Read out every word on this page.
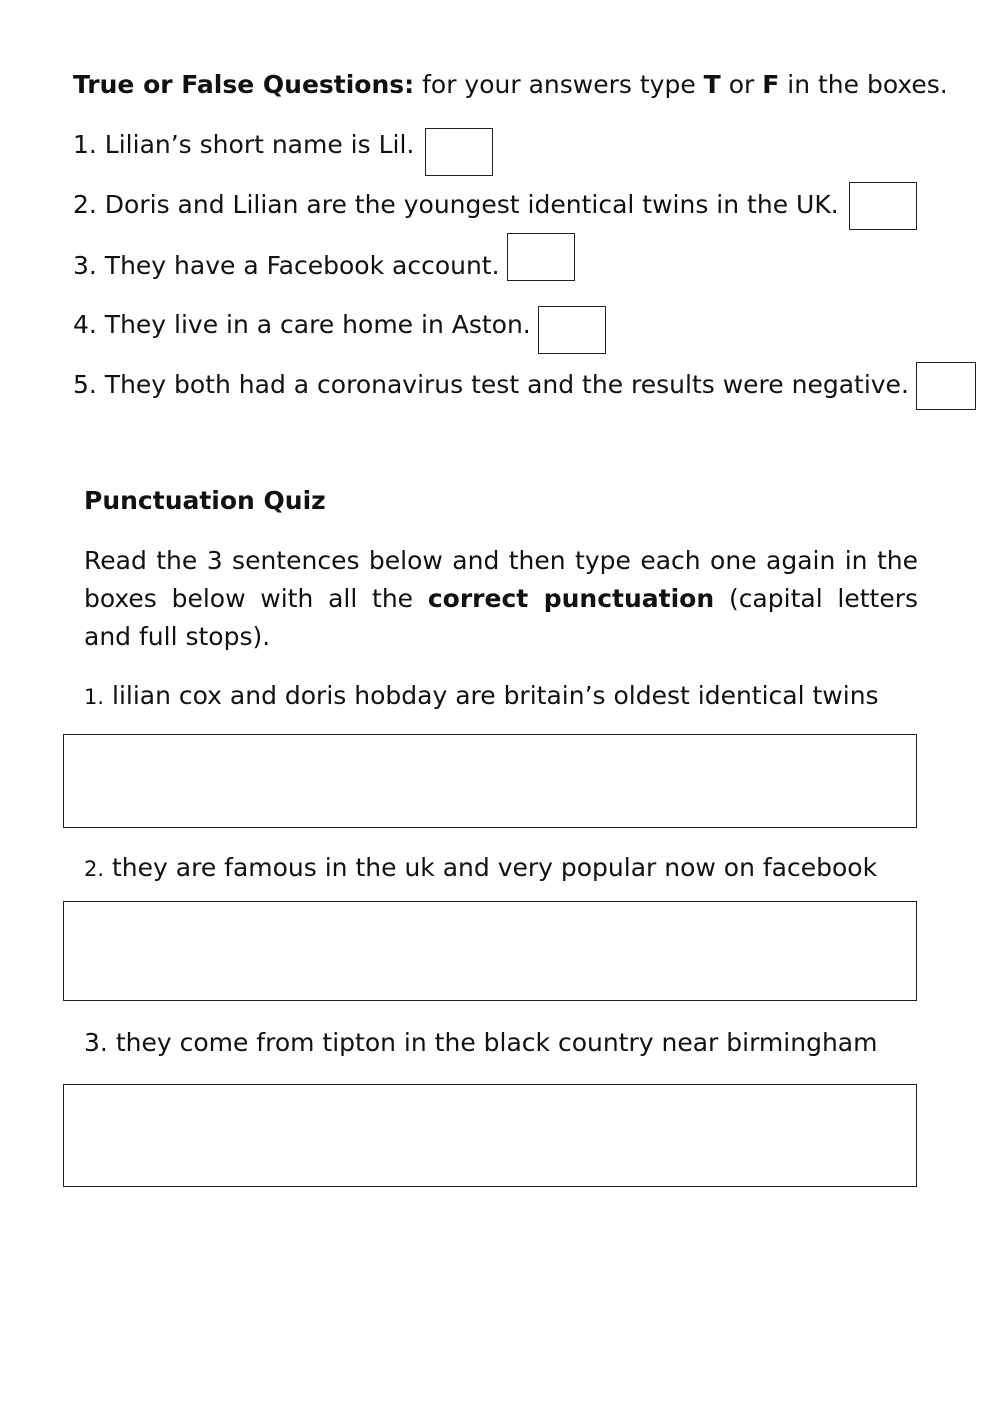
True or False Questions: for your answers type T or F in the boxes.
1. Lilian’s short name is Lil.
2. Doris and Lilian are the youngest identical twins in the UK.
3. They have a Facebook account.
4. They live in a care home in Aston.
5. They both had a coronavirus test and the results were negative.
Punctuation Quiz
Read the 3 sentences below and then type each one again in the boxes below with all the correct punctuation (capital letters and full stops).
1. lilian cox and doris hobday are britain’s oldest identical twins
2. they are famous in the uk and very popular now on facebook
3. they come from tipton in the black country near birmingham
